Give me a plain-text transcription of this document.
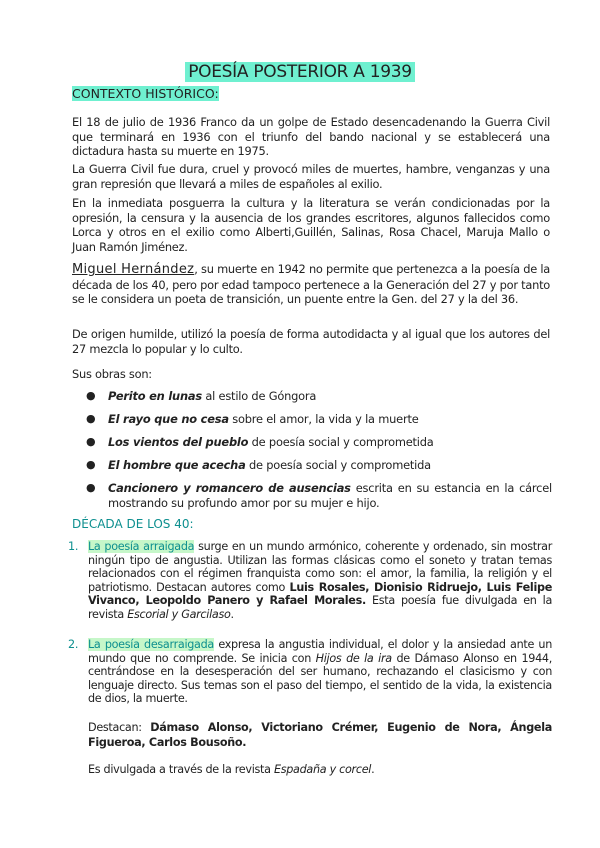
POESÍA POSTERIOR A 1939
CONTEXTO HISTÓRICO:
El 18 de julio de 1936 Franco da un golpe de Estado desencadenando la Guerra Civil que terminará en 1936 con el triunfo del bando nacional y se establecerá una dictadura hasta su muerte en 1975.
La Guerra Civil fue dura, cruel y provocó miles de muertes, hambre, venganzas y una gran represión que llevará a miles de españoles al exilio.
En la inmediata posguerra la cultura y la literatura se verán condicionadas por la opresión, la censura y la ausencia de los grandes escritores, algunos fallecidos como Lorca y otros en el exilio como Alberti,Guillén, Salinas, Rosa Chacel, Maruja Mallo o Juan Ramón Jiménez.
Miguel Hernández, su muerte en 1942 no permite que pertenezca a la poesía de la década de los 40, pero por edad tampoco pertenece a la Generación del 27 y por tanto se le considera un poeta de transición, un puente entre la Gen. del 27 y la del 36.
De origen humilde, utilizó la poesía de forma autodidacta y al igual que los autores del 27 mezcla lo popular y lo culto.
Sus obras son:
● Perito en lunas al estilo de Góngora
● El rayo que no cesa sobre el amor, la vida y la muerte
● Los vientos del pueblo de poesía social y comprometida
● El hombre que acecha de poesía social y comprometida
● Cancionero y romancero de ausencias escrita en su estancia en la cárcel mostrando su profundo amor por su mujer e hijo.
DÉCADA DE LOS 40:
1. La poesía arraigada surge en un mundo armónico, coherente y ordenado, sin mostrar ningún tipo de angustia. Utilizan las formas clásicas como el soneto y tratan temas relacionados con el régimen franquista como son: el amor, la familia, la religión y el patriotismo. Destacan autores como Luis Rosales, Dionisio Ridruejo, Luis Felipe Vivanco, Leopoldo Panero y Rafael Morales. Esta poesía fue divulgada en la revista Escorial y Garcilaso.
2. La poesía desarraigada expresa la angustia individual, el dolor y la ansiedad ante un mundo que no comprende. Se inicia con Hijos de la ira de Dámaso Alonso en 1944, centrándose en la desesperación del ser humano, rechazando el clasicismo y con lenguaje directo. Sus temas son el paso del tiempo, el sentido de la vida, la existencia de dios, la muerte.
Destacan: Dámaso Alonso, Victoriano Crémer, Eugenio de Nora, Ángela Figueroa, Carlos Bousoño.
Es divulgada a través de la revista Espadaña y corcel.
